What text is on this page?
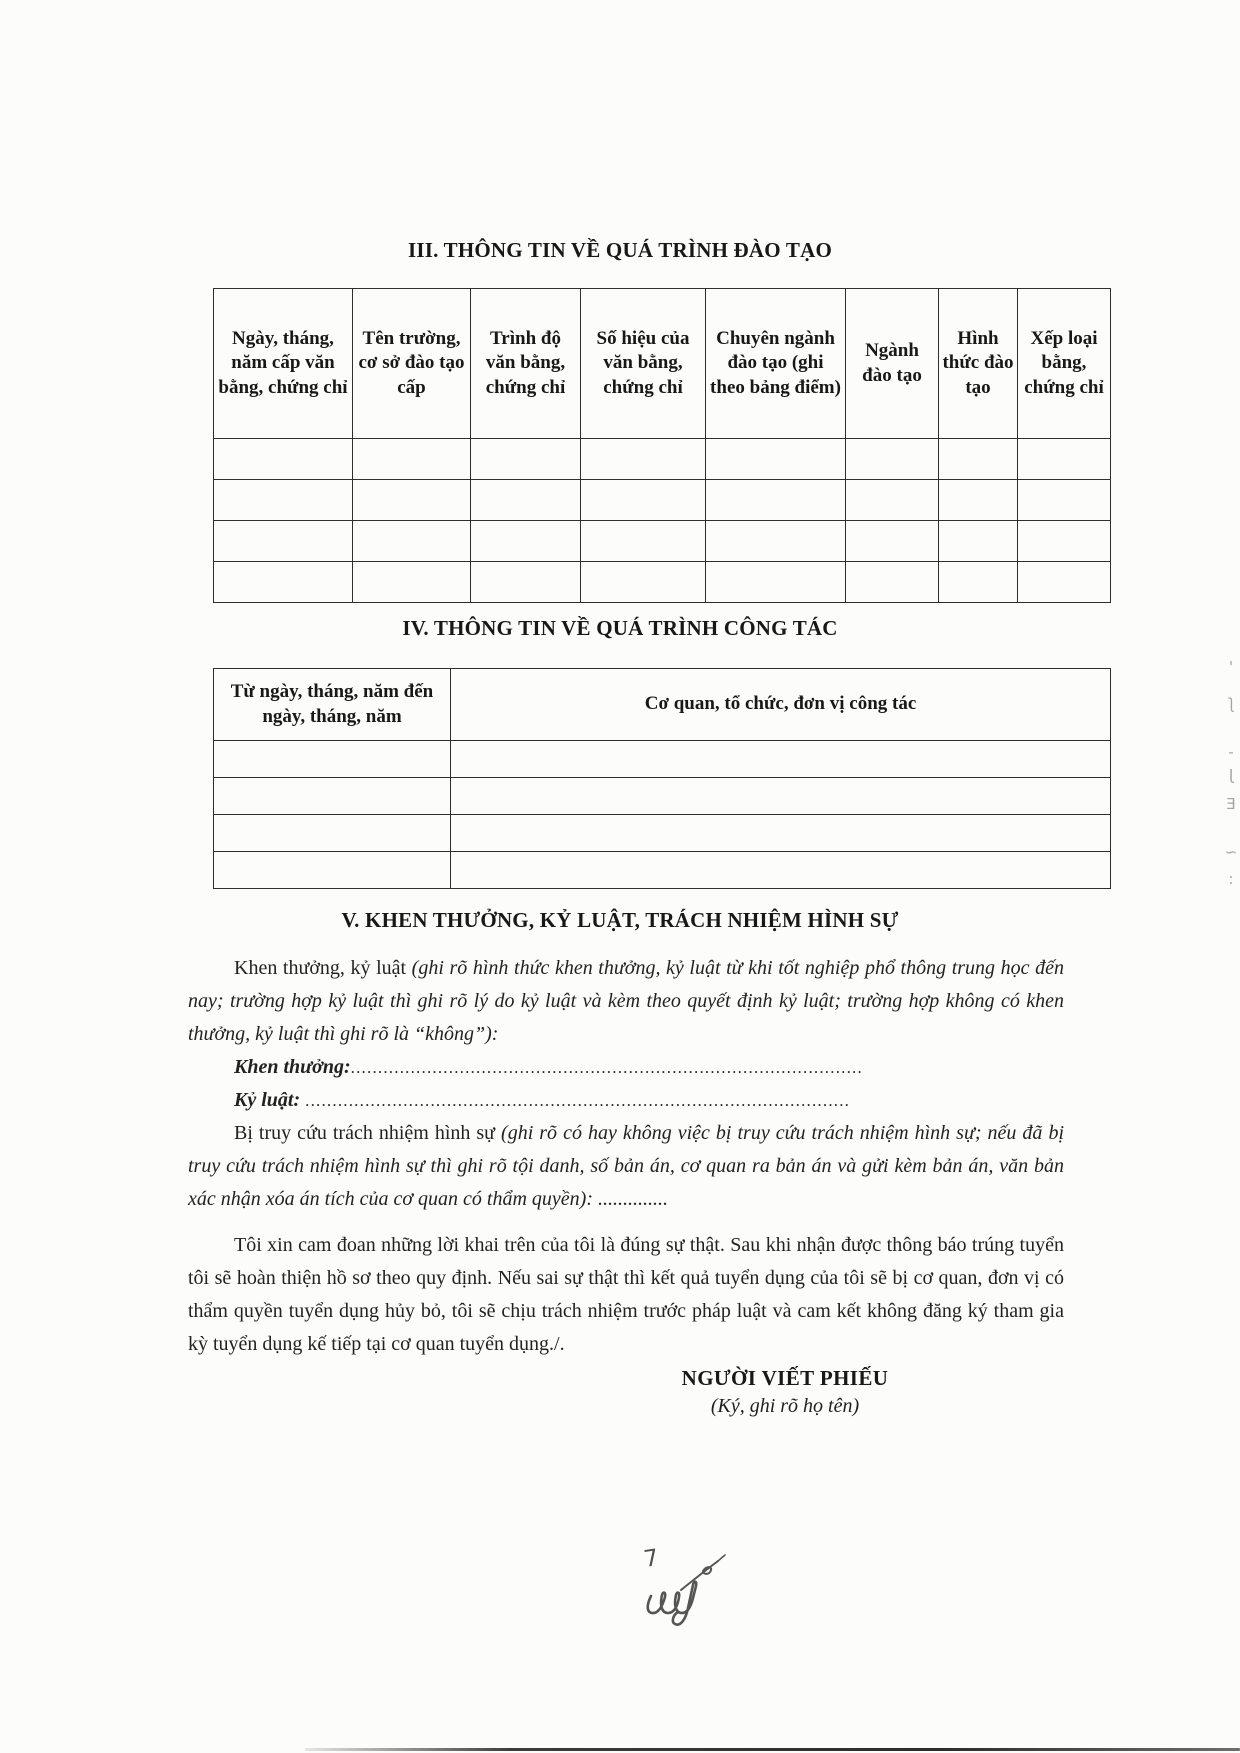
III. THÔNG TIN VỀ QUÁ TRÌNH ĐÀO TẠO
Ngày, tháng, năm cấp văn bằng, chứng chỉ	Tên trường, cơ sở đào tạo cấp	Trình độ văn bằng, chứng chỉ	Số hiệu của văn bằng, chứng chỉ	Chuyên ngành đào tạo (ghi theo bảng điểm)	Ngành đào tạo	Hình thức đào tạo	Xếp loại bằng, chứng chỉ

IV. THÔNG TIN VỀ QUÁ TRÌNH CÔNG TÁC
Từ ngày, tháng, năm đến ngày, tháng, năm	Cơ quan, tổ chức, đơn vị công tác

V. KHEN THƯỞNG, KỶ LUẬT, TRÁCH NHIỆM HÌNH SỰ

Khen thưởng, kỷ luật (ghi rõ hình thức khen thưởng, kỷ luật từ khi tốt nghiệp phổ thông trung học đến nay; trường hợp kỷ luật thì ghi rõ lý do kỷ luật và kèm theo quyết định kỷ luật; trường hợp không có khen thưởng, kỷ luật thì ghi rõ là “không”):

Khen thưởng:..............................................................................................

Kỷ luật: ....................................................................................................

Bị truy cứu trách nhiệm hình sự (ghi rõ có hay không việc bị truy cứu trách nhiệm hình sự; nếu đã bị truy cứu trách nhiệm hình sự thì ghi rõ tội danh, số bản án, cơ quan ra bản án và gửi kèm bản án, văn bản xác nhận xóa án tích của cơ quan có thẩm quyền): ..............

Tôi xin cam đoan những lời khai trên của tôi là đúng sự thật. Sau khi nhận được thông báo trúng tuyển tôi sẽ hoàn thiện hồ sơ theo quy định. Nếu sai sự thật thì kết quả tuyển dụng của tôi sẽ bị cơ quan, đơn vị có thẩm quyền tuyển dụng hủy bỏ, tôi sẽ chịu trách nhiệm trước pháp luật và cam kết không đăng ký tham gia kỳ tuyển dụng kế tiếp tại cơ quan tuyển dụng./.

NGƯỜI VIẾT PHIẾU
(Ký, ghi rõ họ tên)
7
'
ʃ
-
J
E
~
:
